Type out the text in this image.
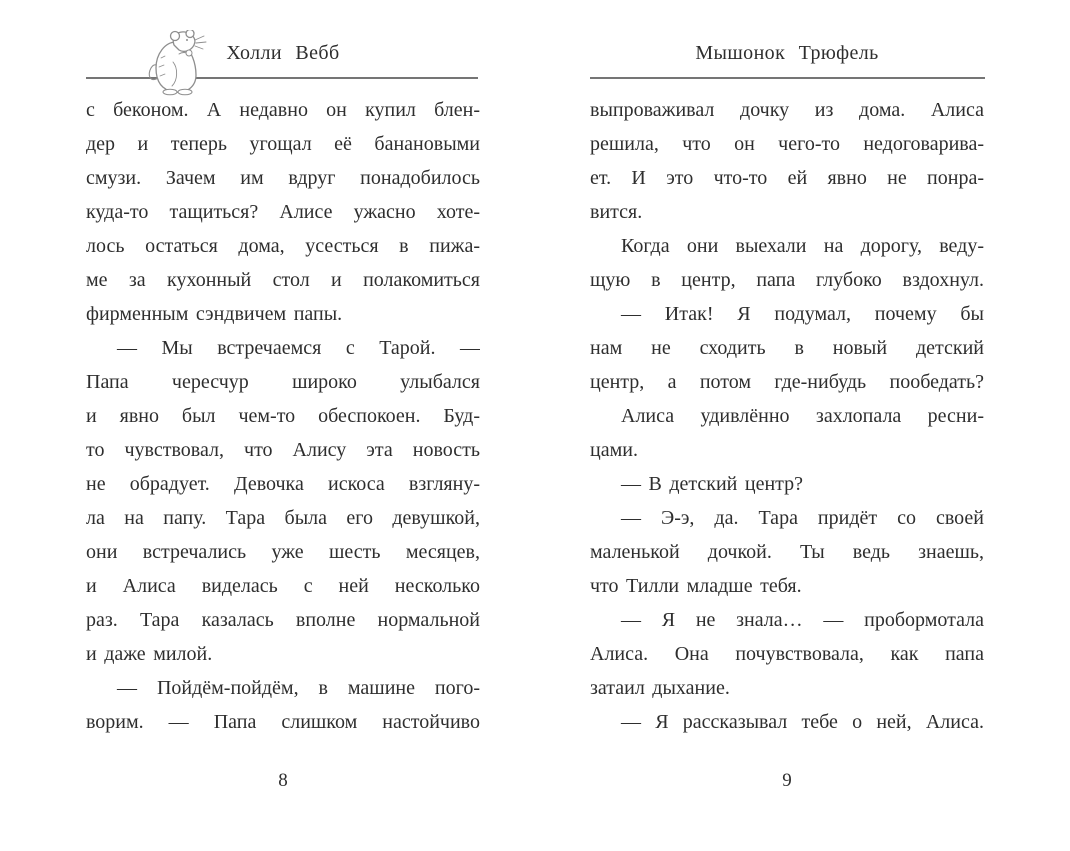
Холли Вебб	Мышонок Трюфель
с беконом. А недавно он купил блен-
дер и теперь угощал её банановыми
смузи. Зачем им вдруг понадобилось
куда-то тащиться? Алисе ужасно хоте-
лось остаться дома, усесться в пижа-
ме за кухонный стол и полакомиться
фирменным сэндвичем папы.
— Мы встречаемся с Тарой. —
Папа чересчур широко улыбался
и явно был чем-то обеспокоен. Буд-
то чувствовал, что Алису эта новость
не обрадует. Девочка искоса взгляну-
ла на папу. Тара была его девушкой,
они встречались уже шесть месяцев,
и Алиса виделась с ней несколько
раз. Тара казалась вполне нормальной
и даже милой.
— Пойдём-пойдём, в машине пого-
ворим. — Папа слишком настойчиво
выпроваживал дочку из дома. Алиса
решила, что он чего-то недоговарива-
ет. И это что-то ей явно не понра-
вится.
Когда они выехали на дорогу, веду-
щую в центр, папа глубоко вздохнул.
— Итак! Я подумал, почему бы
нам не сходить в новый детский
центр, а потом где-нибудь пообедать?
Алиса удивлённо захлопала ресни-
цами.
— В детский центр?
— Э-э, да. Тара придёт со своей
маленькой дочкой. Ты ведь знаешь,
что Тилли младше тебя.
— Я не знала… — пробормотала
Алиса. Она почувствовала, как папа
затаил дыхание.
— Я рассказывал тебе о ней, Алиса.
8	9
